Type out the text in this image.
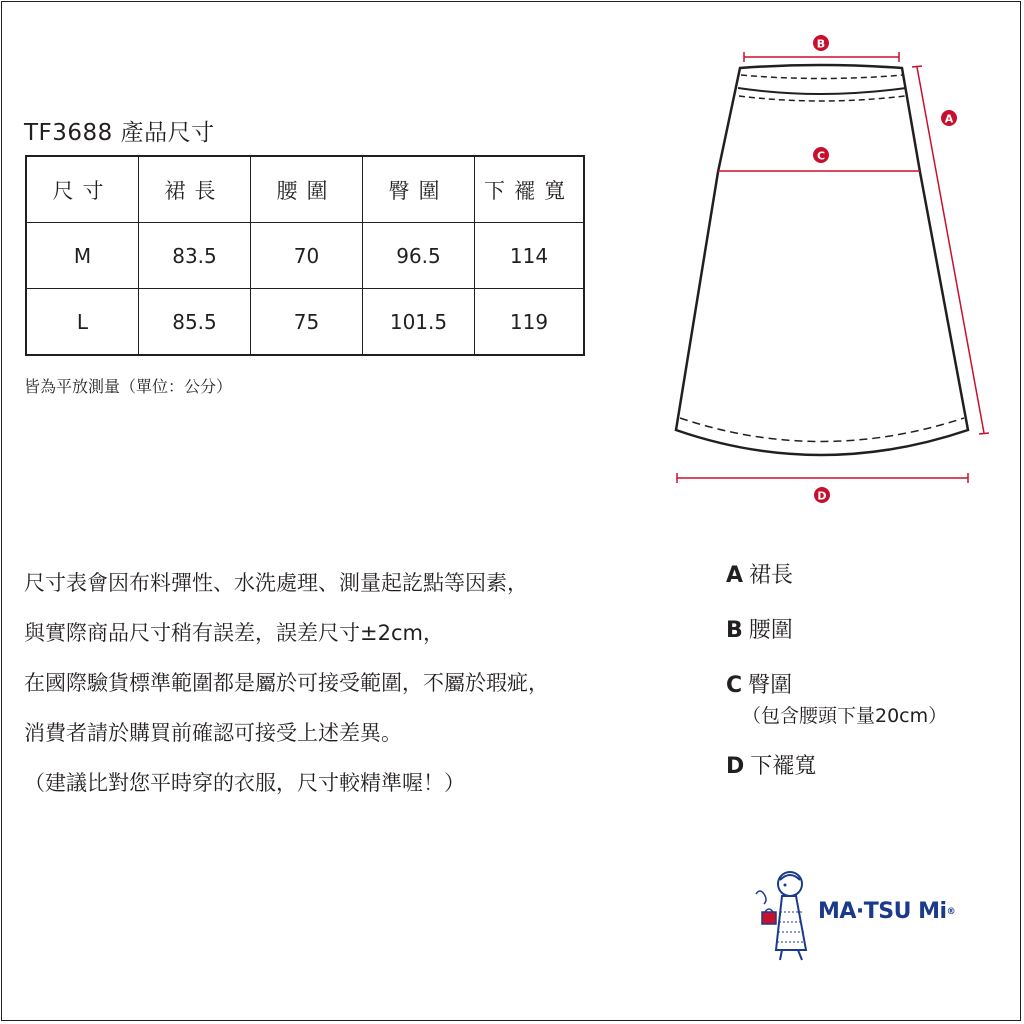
TF3688 產品尺寸
尺寸	裙長	腰圍	臀圍	下襬寬
M	83.5	70	96.5	114
L	85.5	75	101.5	119
皆為平放測量（單位：公分）
B
C
A
D
尺寸表會因布料彈性、水洗處理、測量起訖點等因素，
與實際商品尺寸稍有誤差，誤差尺寸±2cm，
在國際驗貨標準範圍都是屬於可接受範圍，不屬於瑕疵，
消費者請於購買前確認可接受上述差異。
（建議比對您平時穿的衣服，尺寸較精準喔！）
A 裙長
B 腰圍
C 臀圍
（包含腰頭下量20cm）
D 下襬寬
MA·TSU Mi®
